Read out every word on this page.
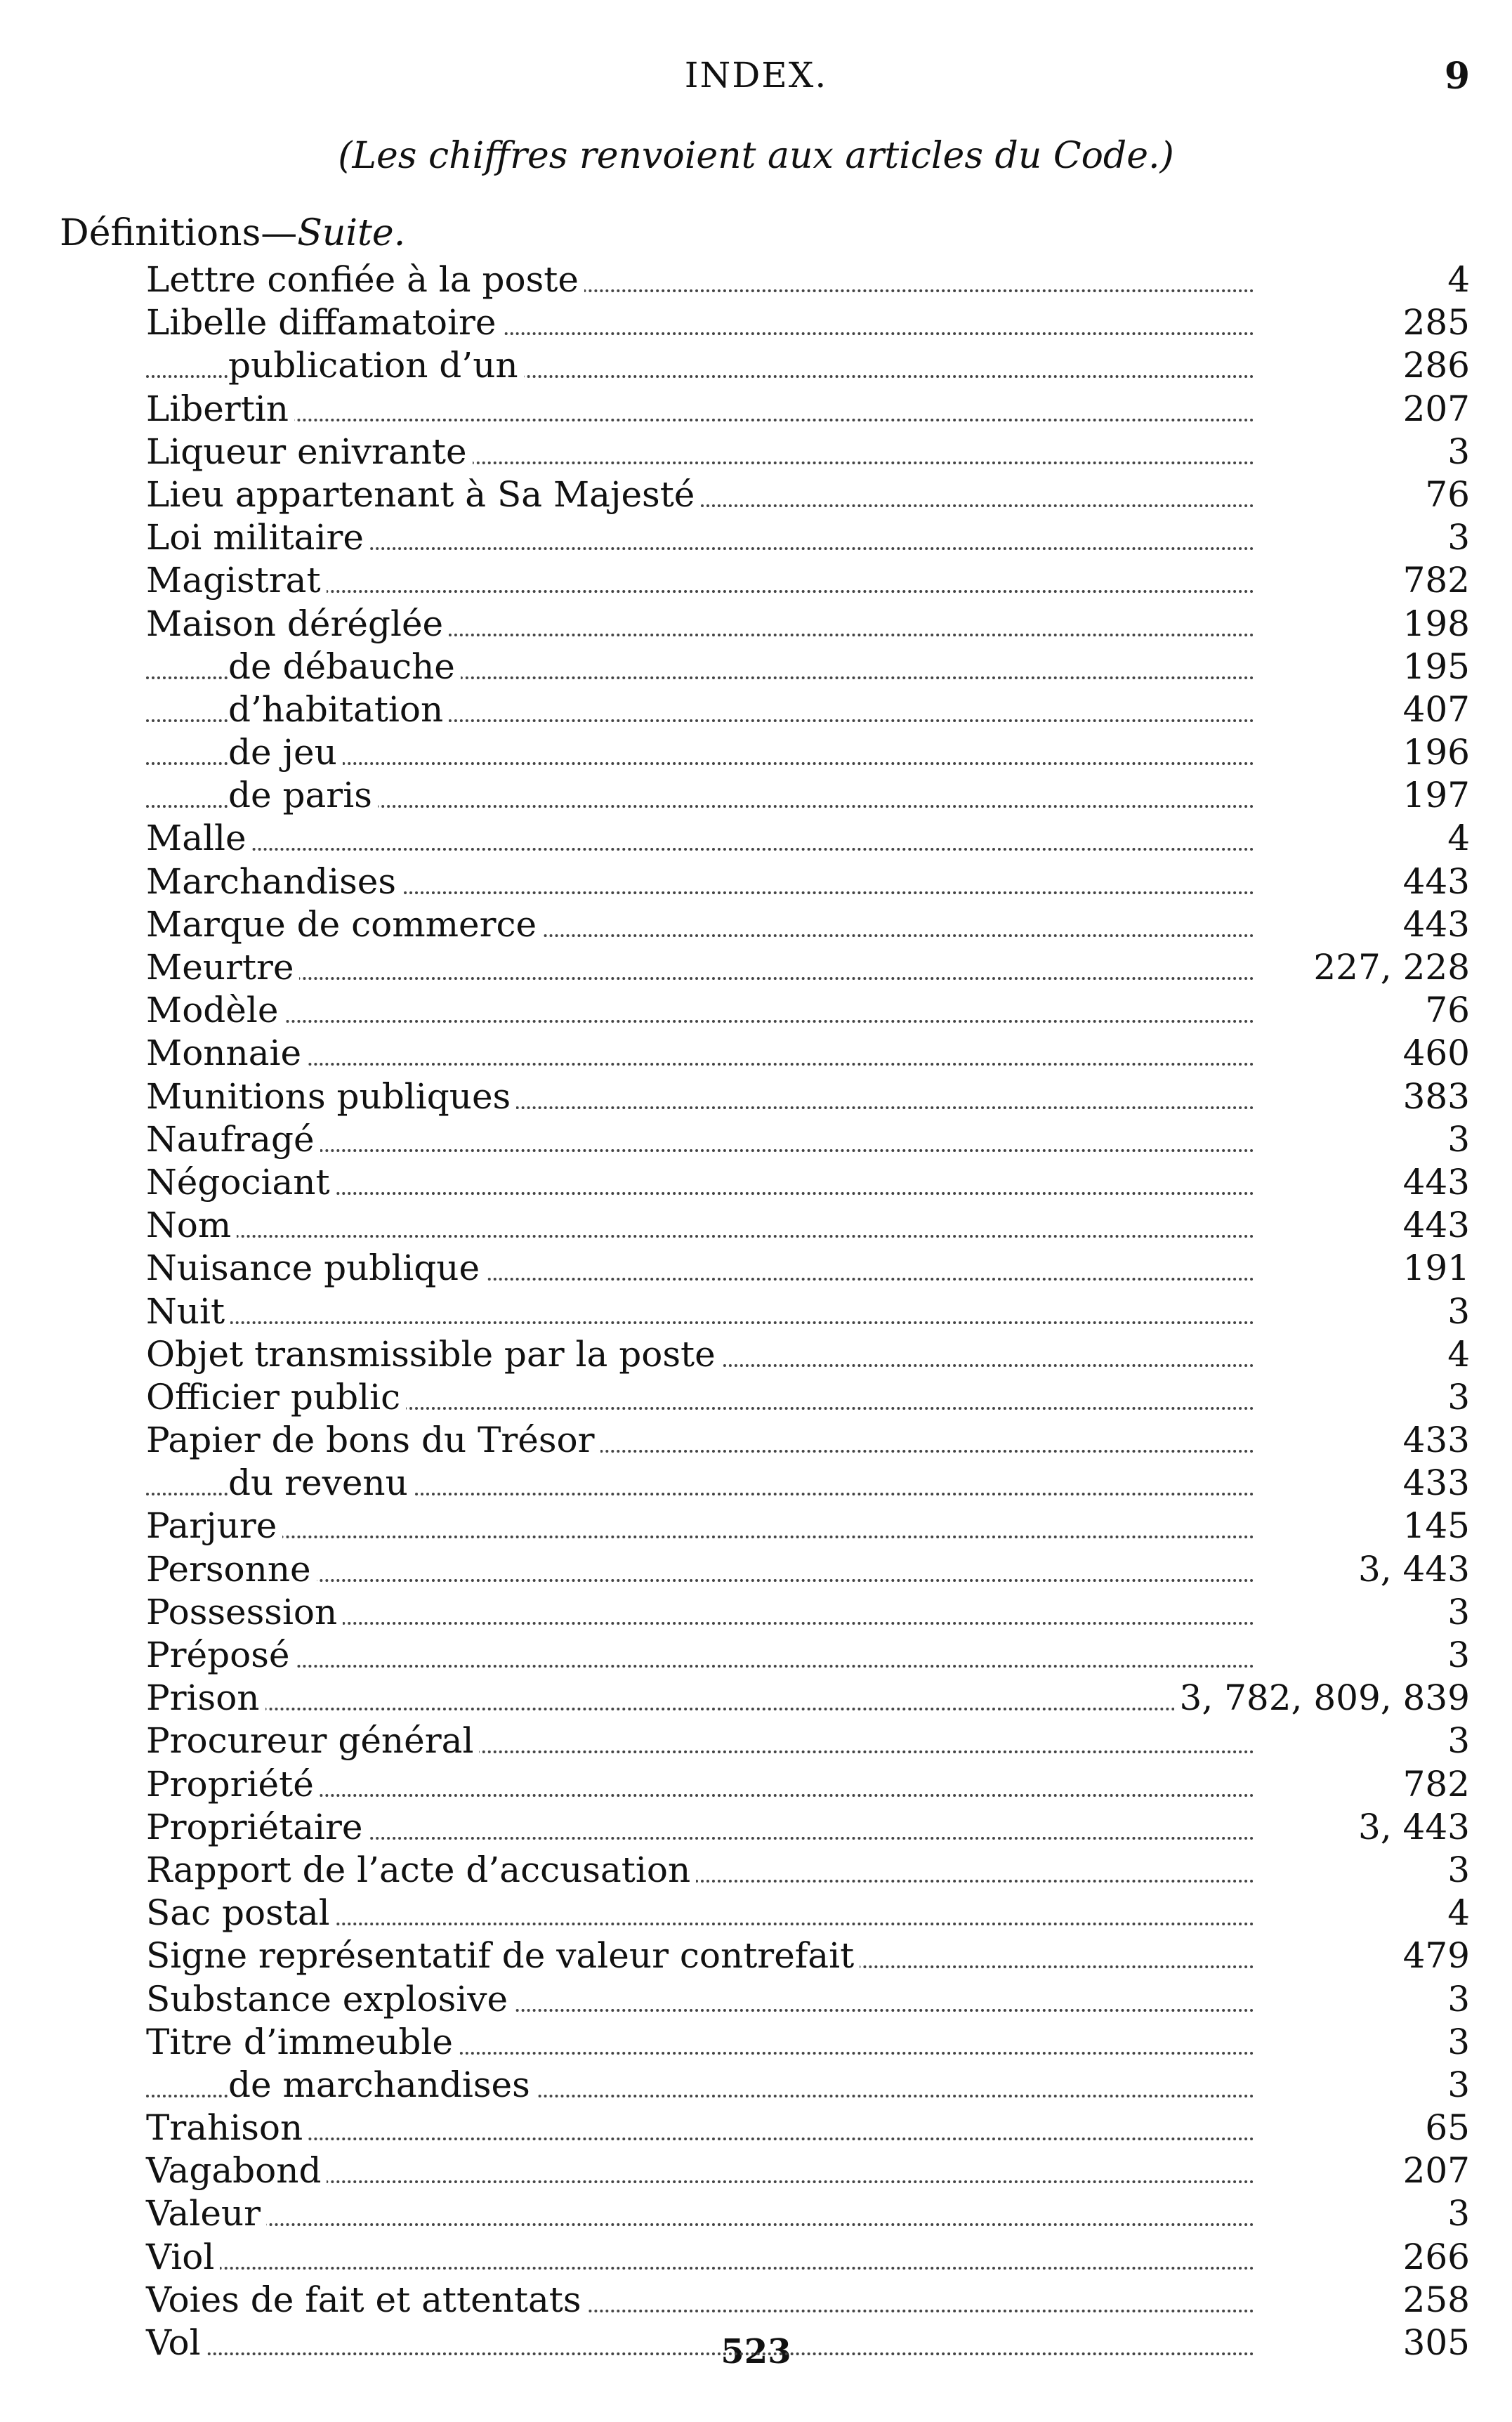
INDEX.	9
(Les chiffres renvoient aux articles du Code.)
Définitions—Suite.
Lettre confiée à la poste	4
Libelle diffamatoire	285
publication d’un	286
Libertin	207
Liqueur enivrante	3
Lieu appartenant à Sa Majesté	76
Loi militaire	3
Magistrat	782
Maison déréglée	198
de débauche	195
d’habitation	407
de jeu	196
de paris	197
Malle	4
Marchandises	443
Marque de commerce	443
Meurtre	227, 228
Modèle	76
Monnaie	460
Munitions publiques	383
Naufragé	3
Négociant	443
Nom	443
Nuisance publique	191
Nuit	3
Objet transmissible par la poste	4
Officier public	3
Papier de bons du Trésor	433
du revenu	433
Parjure	145
Personne	3, 443
Possession	3
Préposé	3
Prison	3, 782, 809, 839
Procureur général	3
Propriété	782
Propriétaire	3, 443
Rapport de l’acte d’accusation	3
Sac postal	4
Signe représentatif de valeur contrefait	479
Substance explosive	3
Titre d’immeuble	3
de marchandises	3
Trahison	65
Vagabond	207
Valeur	3
Viol	266
Voies de fait et attentats	258
Vol	305
523
